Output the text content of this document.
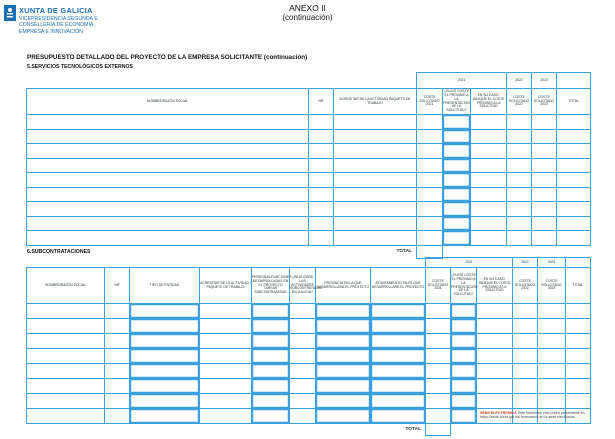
XUNTA DE GALICIA
VICEPRESIDENCIA SEGUNDA E CONSELLERÍA DE ECONOMÍA, EMPRESA E INNOVACIÓN
ANEXO II
(continuación)
PRESUPUESTO DETALLADO DEL PROYECTO DE LA EMPRESA SOLICITANTE (continuación)
5.SERVICIOS TECNOLÓGICOS EXTERNOS
			2021			2022	2023	
NOMBRE/RAZÓN SOCIAL	NIF	ACREDITAR DE LA ACTIVIDAD PAQUETE DE TRABAJO	COSTE SOLICITADO 2021	¿ELEGÍ COSTE EL PRÓXIMO A LA PRESENTACIÓN DE LA SOLICITUD?	EN SU CASO, INDIQUE EL COSTE PRÓXIMO A LA SOLICITUD	COSTE SOLICITADO 2022	COSTE SOLICITADO 2023	TOTAL

		TOTAL						
6.SUBCONTRATACIONES
								2021			2022	2023	
NOMBRE/RAZÓN SOCIAL	NIF	TIPO DE ENTIDAD	ACREDITAR DE LA ACTIVIDAD / PAQUETE DE TRABAJO	PERSONAL/FUNCIONES DESARROLLADAS EN EL PROYECTO TAREAS SUBCONTRATADAS	¿REALIZARÁ LAS ACTIVIDADES SUBCONTRATADAS EN GALICIA?	PROVINCIA EN LA QUE DESARROLLARÁ EL PROYECTO	AYUNTAMIENTO EN EL QUE DESARROLLARÁ EL PROYECTO	COSTE SOLICITADO 2021	¿ELEGÍ COSTE EL PRÓXIMO A LA PRESENTACIÓN DE LA SOLICITUD?	EN SU CASO, INDIQUE EL COSTE PRÓXIMO A LA SOLICITUD	COSTE SOLICITADO 2022	COSTE SOLICITADO 2023	TOTAL

							TOTAL						
SEDE ELECTRÓNICA Este formulario sólo podrá presentarse en https://sede.xunta.gal los formularios en la sede electrónica
